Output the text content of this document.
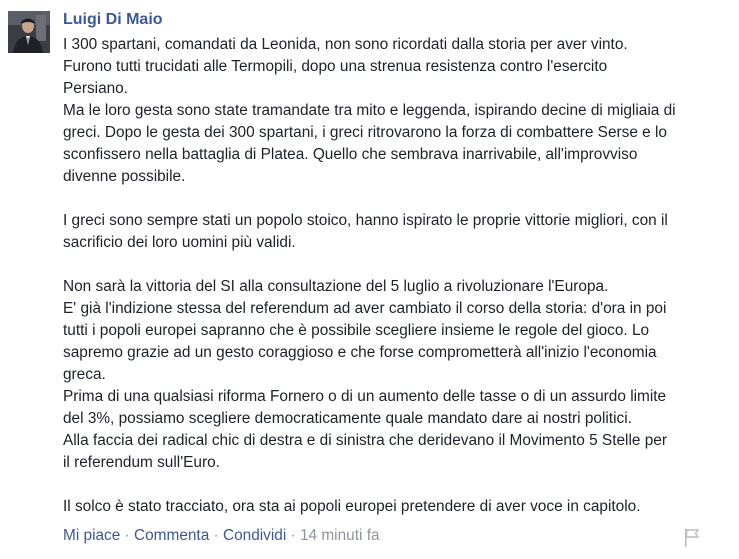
Luigi Di Maio

I 300 spartani, comandati da Leonida, non sono ricordati dalla storia per aver vinto.
Furono tutti trucidati alle Termopili, dopo una strenua resistenza contro l'esercito
Persiano.
Ma le loro gesta sono state tramandate tra mito e leggenda, ispirando decine di migliaia di
greci. Dopo le gesta dei 300 spartani, i greci ritrovarono la forza di combattere Serse e lo
sconfissero nella battaglia di Platea. Quello che sembrava inarrivabile, all'improvviso
divenne possibile.

I greci sono sempre stati un popolo stoico, hanno ispirato le proprie vittorie migliori, con il
sacrificio dei loro uomini più validi.

Non sarà la vittoria del SI alla consultazione del 5 luglio a rivoluzionare l'Europa.
E' già l'indizione stessa del referendum ad aver cambiato il corso della storia: d'ora in poi
tutti i popoli europei sapranno che è possibile scegliere insieme le regole del gioco. Lo
sapremo grazie ad un gesto coraggioso e che forse comprometterà all'inizio l'economia
greca.
Prima di una qualsiasi riforma Fornero o di un aumento delle tasse o di un assurdo limite
del 3%, possiamo scegliere democraticamente quale mandato dare ai nostri politici.
Alla faccia dei radical chic di destra e di sinistra che deridevano il Movimento 5 Stelle per
il referendum sull'Euro.

Il solco è stato tracciato, ora sta ai popoli europei pretendere di aver voce in capitolo.

Mi piace · Commenta · Condividi · 14 minuti fa
